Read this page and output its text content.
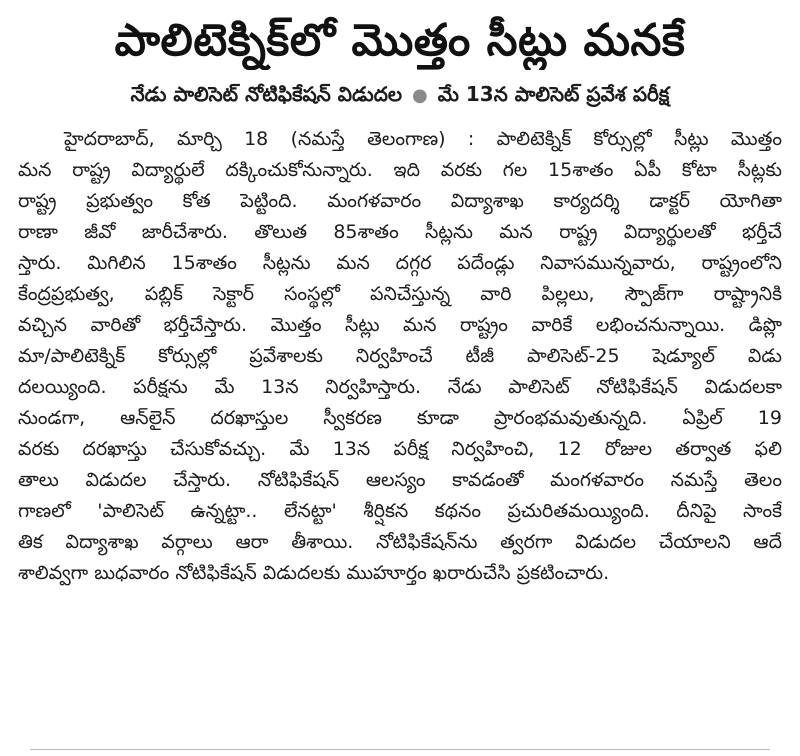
పాలిటెక్నిక్‌లో మొత్తం సీట్లు మనకే
నేడు పాలిసెట్ నోటిఫికేషన్ విడుదల ● మే 13న పాలిసెట్ ప్రవేశ పరీక్ష
హైదరాబాద్, మార్చి 18 (నమస్తే తెలంగాణ) : పాలిటెక్నిక్ కోర్సుల్లో సీట్లు మొత్తం
మన రాష్ట్ర విద్యార్థులే దక్కించుకోనున్నారు. ఇది వరకు గల 15శాతం ఏపీ కోటా సీట్లకు
రాష్ట్ర ప్రభుత్వం కోత పెట్టింది. మంగళవారం విద్యాశాఖ కార్యదర్శి డాక్టర్ యోగితా
రాణా జీవో జారీచేశారు. తొలుత 85శాతం సీట్లను మన రాష్ట్ర విద్యార్థులతో భర్తీచే
స్తారు. మిగిలిన 15శాతం సీట్లను మన దగ్గర పదేండ్లు నివాసమున్నవారు, రాష్ట్రంలోని
కేంద్రప్రభుత్వ, పబ్లిక్ సెక్టార్ సంస్థల్లో పనిచేస్తున్న వారి పిల్లలు, స్పౌజ్‌గా రాష్ట్రానికి
వచ్చిన వారితో భర్తీచేస్తారు. మొత్తం సీట్లు మన రాష్ట్రం వారికే లభించనున్నాయి. డిప్లొ
మా/పాలిటెక్నిక్ కోర్సుల్లో ప్రవేశాలకు నిర్వహించే టీజీ పాలిసెట్-25 షెడ్యూల్ విడు
దలయ్యింది. పరీక్షను మే 13న నిర్వహిస్తారు. నేడు పాలిసెట్ నోటిఫికేషన్ విడుదలకా
నుండగా, ఆన్‌లైన్ దరఖాస్తుల స్వీకరణ కూడా ప్రారంభమవుతున్నది. ఏప్రిల్ 19
వరకు దరఖాస్తు చేసుకోవచ్చు. మే 13న పరీక్ష నిర్వహించి, 12 రోజుల తర్వాత ఫలి
తాలు విడుదల చేస్తారు. నోటిఫికేషన్ ఆలస్యం కావడంతో మంగళవారం నమస్తే తెలం
గాణలో 'పాలిసెట్ ఉన్నట్టా.. లేనట్టా' శీర్షికన కథనం ప్రచురితమయ్యింది. దీనిపై సాంకే
తిక విద్యాశాఖ వర్గాలు ఆరా తీశాయి. నోటిఫికేషన్‌ను త్వరగా విడుదల చేయాలని ఆదే
శాలివ్వగా బుధవారం నోటిఫికేషన్ విడుదలకు ముహూర్తం ఖరారుచేసి ప్రకటించారు.
